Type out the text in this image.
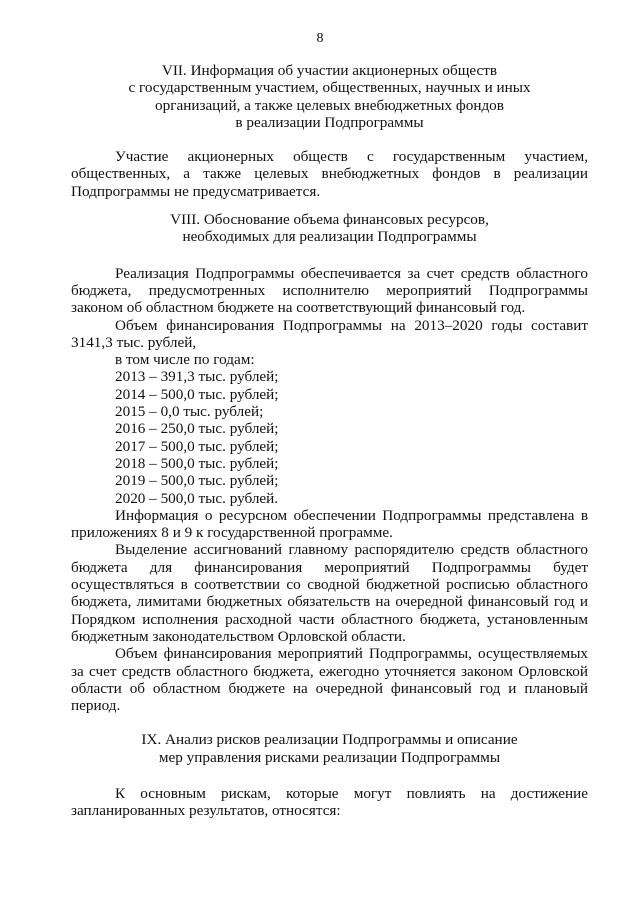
8
VII. Информация об участии акционерных обществ
с государственным участием, общественных, научных и иных
организаций, а также целевых внебюджетных фондов
в реализации Подпрограммы
Участие акционерных обществ с государственным участием, общественных, а также целевых внебюджетных фондов в реализации Подпрограммы не предусматривается.
VIII. Обоснование объема финансовых ресурсов,
необходимых для реализации Подпрограммы
Реализация Подпрограммы обеспечивается за счет средств областного бюджета, предусмотренных исполнителю мероприятий Подпрограммы законом об областном бюджете на соответствующий финансовый год.
Объем финансирования Подпрограммы на 2013–2020 годы составит 3141,3 тыс. рублей,
в том числе по годам:
2013 – 391,3 тыс. рублей;
2014 – 500,0 тыс. рублей;
2015 – 0,0 тыс. рублей;
2016 – 250,0 тыс. рублей;
2017 – 500,0 тыс. рублей;
2018 – 500,0 тыс. рублей;
2019 – 500,0 тыс. рублей;
2020 – 500,0 тыс. рублей.
Информация о ресурсном обеспечении Подпрограммы представлена в приложениях 8 и 9 к государственной программе.
Выделение ассигнований главному распорядителю средств областного бюджета для финансирования мероприятий Подпрограммы будет осуществляться в соответствии со сводной бюджетной росписью областного бюджета, лимитами бюджетных обязательств на очередной финансовый год и Порядком исполнения расходной части областного бюджета, установленным бюджетным законодательством Орловской области.
Объем финансирования мероприятий Подпрограммы, осуществляемых за счет средств областного бюджета, ежегодно уточняется законом Орловской области об областном бюджете на очередной финансовый год и плановый период.
IX. Анализ рисков реализации Подпрограммы и описание
мер управления рисками реализации Подпрограммы
К основным рискам, которые могут повлиять на достижение запланированных результатов, относятся:
